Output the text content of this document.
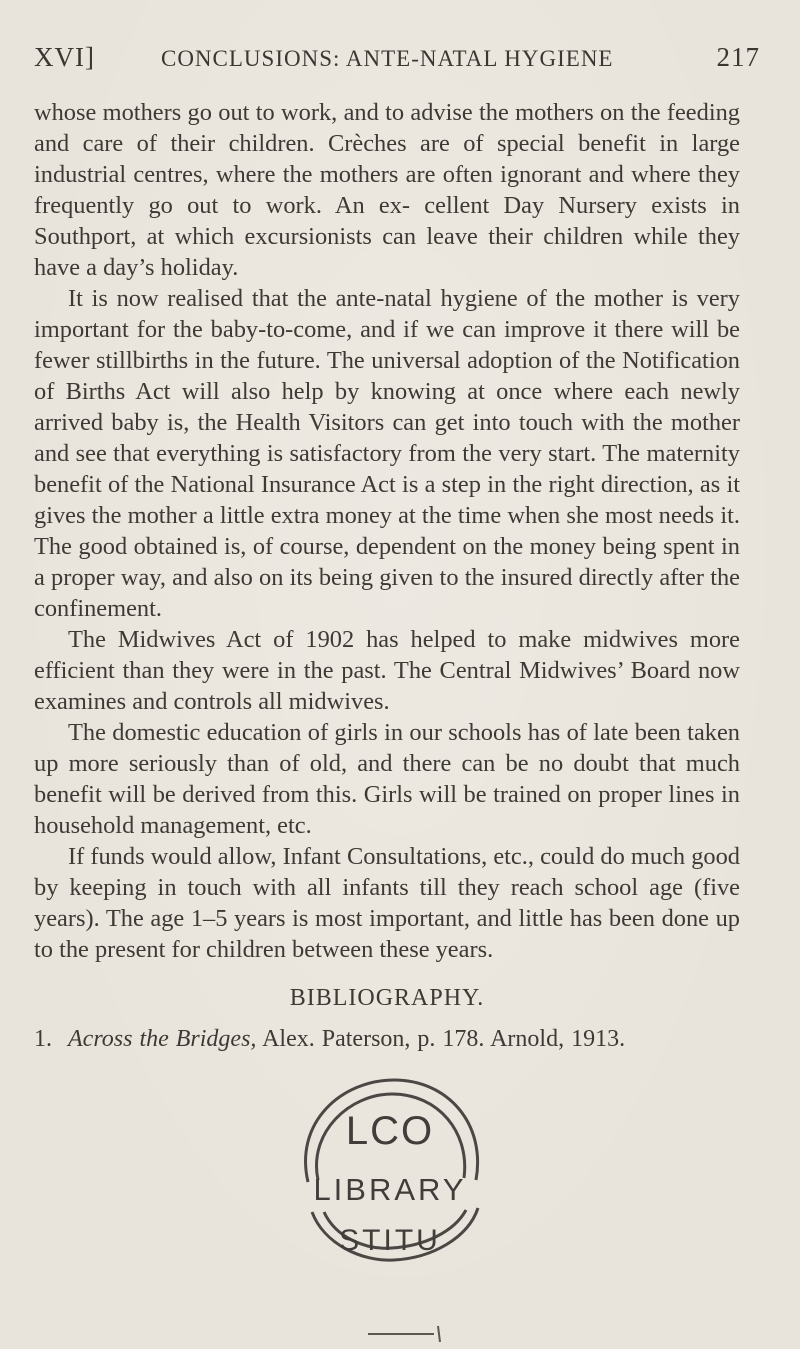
XVI]	CONCLUSIONS: ANTE-NATAL HYGIENE	217

whose mothers go out to work, and to advise the mothers on the feeding and care of their children. Crèches are of special benefit in large industrial centres, where the mothers are often ignorant and where they frequently go out to work. An ex- cellent Day Nursery exists in Southport, at which excursionists can leave their children while they have a day’s holiday.

It is now realised that the ante-natal hygiene of the mother is very important for the baby-to-come, and if we can improve it there will be fewer stillbirths in the future. The universal adoption of the Notification of Births Act will also help by knowing at once where each newly arrived baby is, the Health Visitors can get into touch with the mother and see that everything is satisfactory from the very start. The maternity benefit of the National Insurance Act is a step in the right direction, as it gives the mother a little extra money at the time when she most needs it. The good obtained is, of course, dependent on the money being spent in a proper way, and also on its being given to the insured directly after the confinement.

The Midwives Act of 1902 has helped to make midwives more efficient than they were in the past. The Central Midwives’ Board now examines and controls all midwives.

The domestic education of girls in our schools has of late been taken up more seriously than of old, and there can be no doubt that much benefit will be derived from this. Girls will be trained on proper lines in household management, etc.

If funds would allow, Infant Consultations, etc., could do much good by keeping in touch with all infants till they reach school age (five years). The age 1–5 years is most important, and little has been done up to the present for children between these years.

BIBLIOGRAPHY.

1. Across the Bridges, Alex. Paterson, p. 178. Arnold, 1913.

LCO
LIBRARY
STITU
